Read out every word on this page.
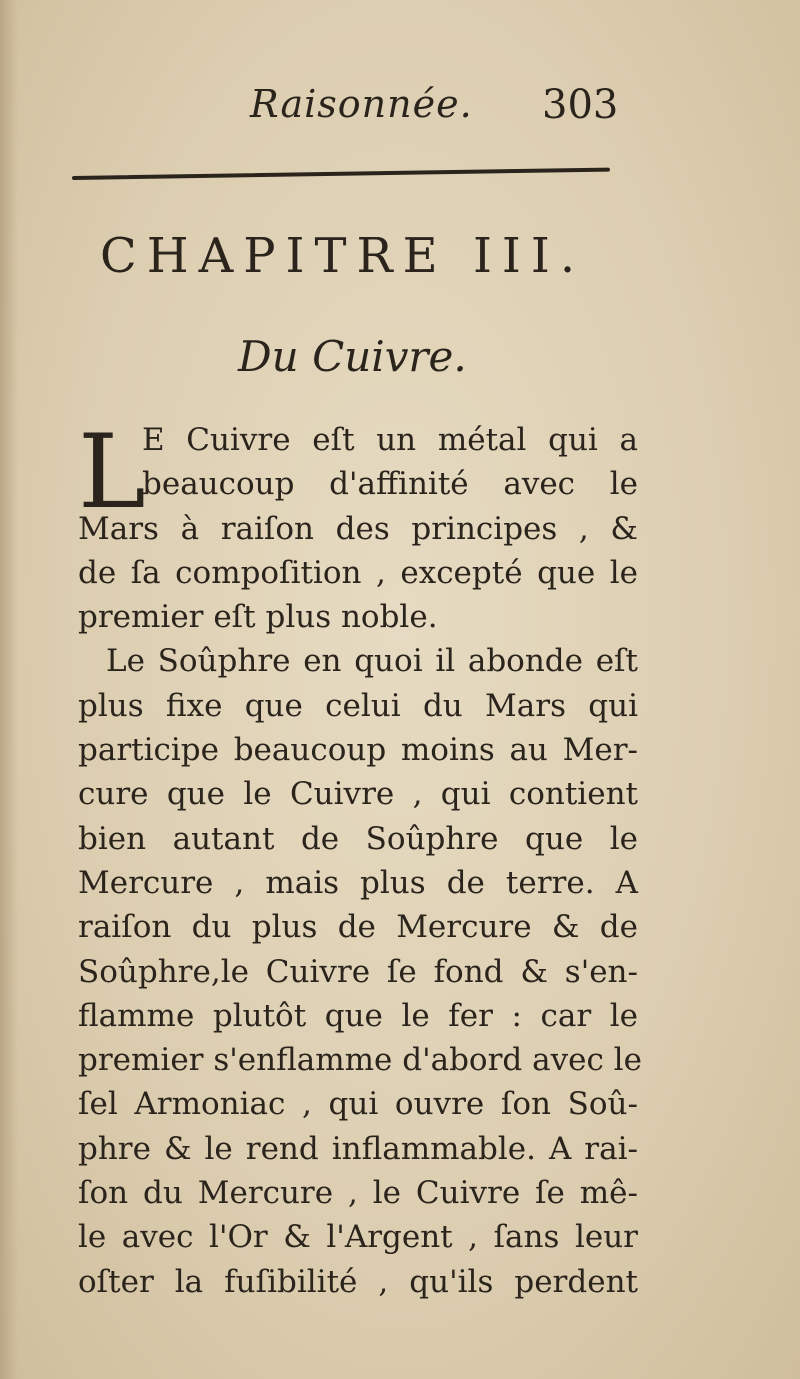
Raisonnée. 303
CHAPITRE III.
Du Cuivre.
L
E Cuivre eſt un métal qui a
beaucoup d'affinité avec le
Mars à raiſon des principes , &
de ſa compoſition , excepté que le
premier eſt plus noble.
Le Soûphre en quoi il abonde eſt
plus fixe que celui du Mars qui
participe beaucoup moins au Mer-
cure que le Cuivre , qui contient
bien autant de Soûphre que le
Mercure , mais plus de terre. A
raiſon du plus de Mercure & de
Soûphre,le Cuivre ſe fond & s'en-
flamme plutôt que le fer : car le
premier s'enflamme d'abord avec le
ſel Armoniac , qui ouvre ſon Soû-
phre & le rend inflammable. A rai-
ſon du Mercure , le Cuivre ſe mê-
le avec l'Or & l'Argent , ſans leur
oſter la fuſibilité , qu'ils perdent
